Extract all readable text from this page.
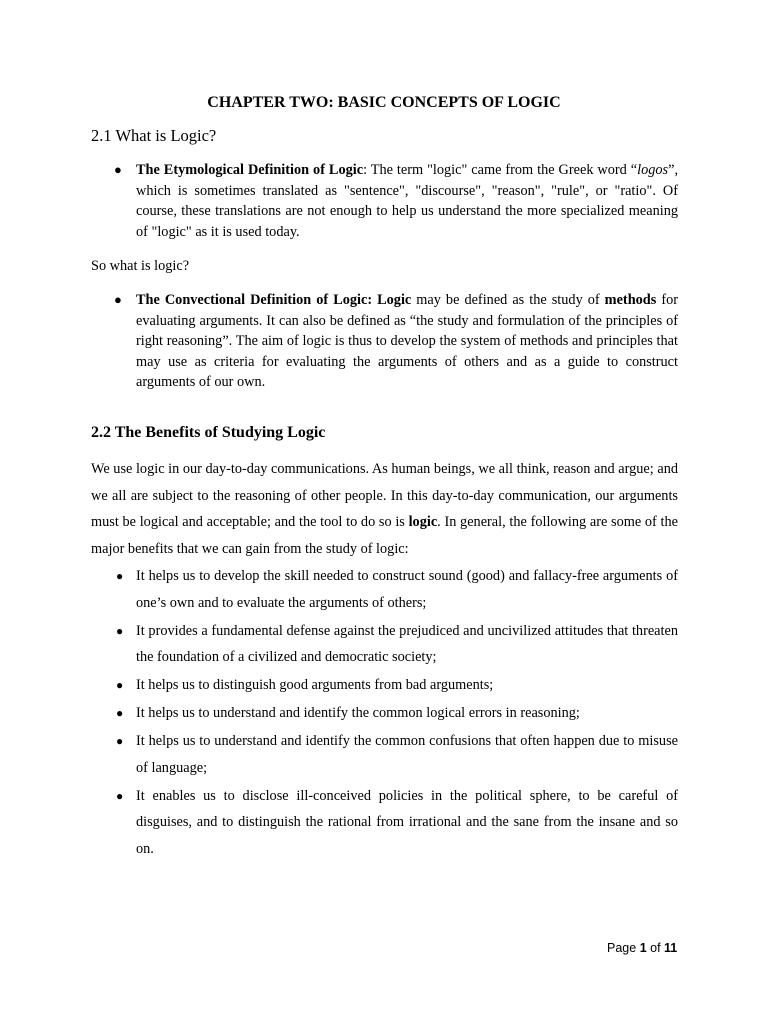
CHAPTER TWO: BASIC CONCEPTS OF LOGIC
2.1 What is Logic?
● The Etymological Definition of Logic: The term "logic" came from the Greek word “logos”, which is sometimes translated as "sentence", "discourse", "reason", "rule", or "ratio". Of course, these translations are not enough to help us understand the more specialized meaning of "logic" as it is used today.
So what is logic?
● The Convectional Definition of Logic: Logic may be defined as the study of methods for evaluating arguments. It can also be defined as “the study and formulation of the principles of right reasoning”. The aim of logic is thus to develop the system of methods and principles that may use as criteria for evaluating the arguments of others and as a guide to construct arguments of our own.
2.2 The Benefits of Studying Logic
We use logic in our day-to-day communications. As human beings, we all think, reason and argue; and we all are subject to the reasoning of other people. In this day-to-day communication, our arguments must be logical and acceptable; and the tool to do so is logic. In general, the following are some of the major benefits that we can gain from the study of logic:
● It helps us to develop the skill needed to construct sound (good) and fallacy-free arguments of one’s own and to evaluate the arguments of others;
● It provides a fundamental defense against the prejudiced and uncivilized attitudes that threaten the foundation of a civilized and democratic society;
● It helps us to distinguish good arguments from bad arguments;
● It helps us to understand and identify the common logical errors in reasoning;
● It helps us to understand and identify the common confusions that often happen due to misuse of language;
● It enables us to disclose ill-conceived policies in the political sphere, to be careful of disguises, and to distinguish the rational from irrational and the sane from the insane and so on.
Page 1 of 11
